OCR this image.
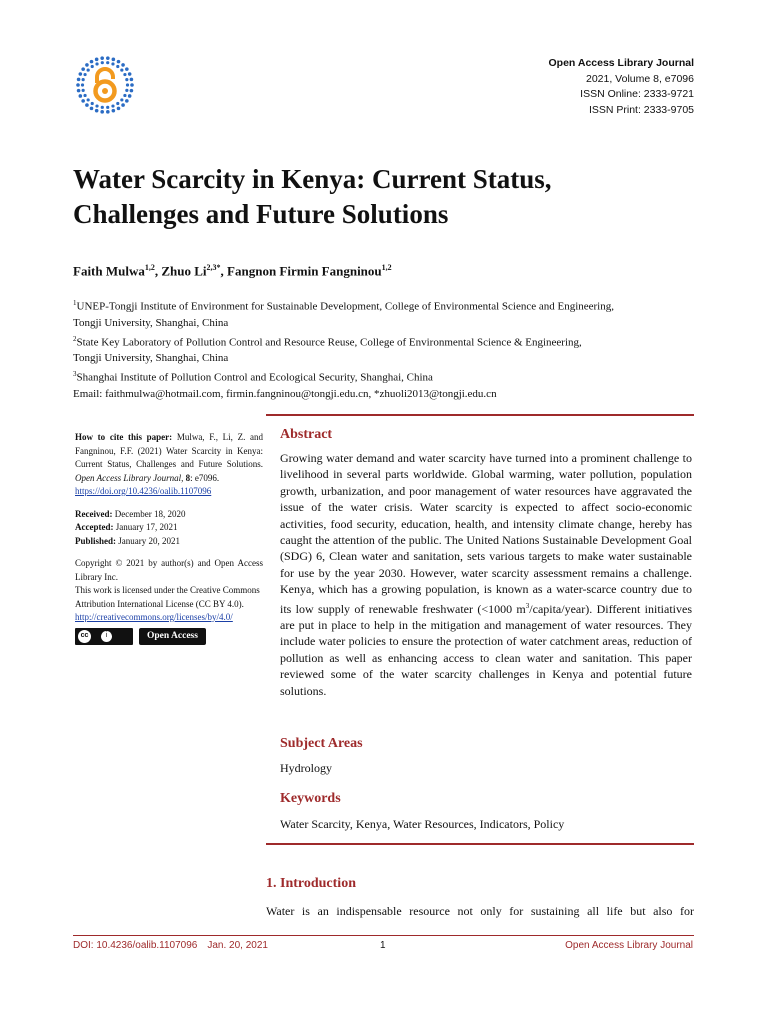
Open Access Library Journal
2021, Volume 8, e7096
ISSN Online: 2333-9721
ISSN Print: 2333-9705
Water Scarcity in Kenya: Current Status,
Challenges and Future Solutions
Faith Mulwa$^{1,2}$, Zhuo $Li^{2,3*}$, Fangnon Firmin Fangninou$^{1,2}$
$^1$UNEP-Tongji Institute of Environment for Sustainable Development, College of Environmental Science and Engineering,
Tongji University, Shanghai, China
$^2$State Key Laboratory of Pollution Control and Resource Reuse, College of Environmental Science & Engineering,
Tongji University, Shanghai, China
$^3$Shanghai Institute of Pollution Control and Ecological Security, Shanghai, China
Email: faithmulwa@hotmail.com, firmin.fangninou@tongji.edu.cn, *zhuoli2013@tongji.edu.cn

How to cite this paper: Mulwa, F., Li, Z. and Fangninou, F.F. (2021) Water Scarcity in Kenya: Current Status, Challenges and Future Solutions. Open Access Library Journal, 8: e7096.
https://doi.org/10.4236/oalib.1107096

Received: December 18, 2020
Accepted: January 17, 2021
Published: January 20, 2021

Copyright © 2021 by author(s) and Open Access Library Inc.

This work is licensed under the Creative Commons Attribution International License (CC BY 4.0).

http://creativecommons.org/licenses/by/4.0/
cc	i	Open Access
Abstract

Growing water demand and water scarcity have turned into a prominent challenge to livelihood in several parts worldwide. Global warming, water pollution, population growth, urbanization, and poor management of water resources have aggravated the issue of the water crisis. Water scarcity is expected to affect socio-economic activities, food security, education, health, and intensity climate change, hereby has caught the attention of the public. The United Nations Sustainable Development Goal (SDG) 6, Clean water and sanitation, sets various targets to make water sustainable for use by the year 2030. However, water scarcity assessment remains a challenge. Kenya, which has a growing population, is known as a water-scarce country due to its low supply of renewable freshwater (<1000 $m^3/capita/year$). Different initiatives are put in place to help in the mitigation and management of water resources. They include water policies to ensure the protection of water catchment areas, reduction of pollution as well as enhancing access to clean water and sanitation. This paper reviewed some of the water scarcity challenges in Kenya and potential future solutions.

Subject Areas

Hydrology

Keywords

Water Scarcity, Kenya, Water Resources, Indicators, Policy

1. Introduction

Water is an indispensable resource not only for sustaining all life but also for

DOI: 10.4236/oalib.1107096 Jan. 20, 2021	1	Open Access Library Journal
